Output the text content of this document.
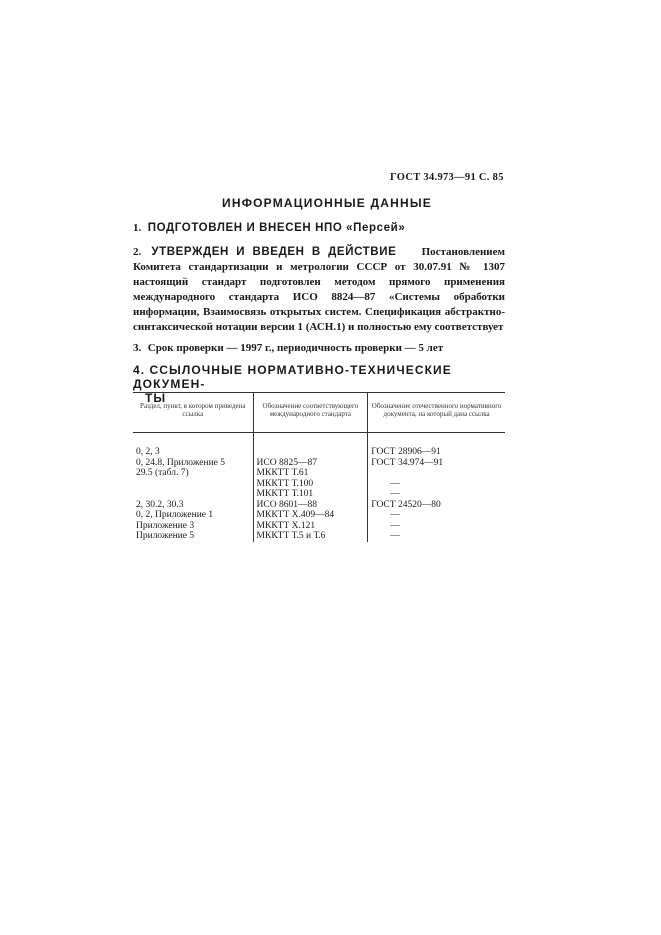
ГОСТ 34.973—91 С. 85
ИНФОРМАЦИОННЫЕ ДАННЫЕ
1. ПОДГОТОВЛЕН И ВНЕСЕН НПО «Персей»
2. УТВЕРЖДЕН И ВВЕДЕН В ДЕЙСТВИЕ Постановлением Комитета стандартизации и метрологии СССР от 30.07.91 № 1307 настоящий стандарт подготовлен методом прямого применения международного стандарта ИСО 8824—87 «Системы обработки информации, Взаимосвязь открытых систем. Спецификация абстрактно-синтаксической нотации версии 1 (АСН.1) и полностью ему соответствует
3. Срок проверки — 1997 г., периодичность проверки — 5 лет
4. ССЫЛОЧНЫЕ НОРМАТИВНО-ТЕХНИЧЕСКИЕ ДОКУМЕН-
ТЫ
Раздел, пункт, в котором приведена ссылка	Обозначение соответствующего международного стандарта	Обозначение отечественного нормативного документа, на который дана ссылка
0, 2, 3		ГОСТ 28906—91
0, 24.8, Приложение 5	ИСО 8825—87	ГОСТ 34.974—91
29.5 (табл. 7)	МККТТ Т.61	
	МККТТ Т.100	—
	МККТТ Т.101	—
2, 30.2, 30.3	ИСО 8601—88	ГОСТ 24520—80
0, 2, Приложение 1	МККТТ Х.409—84	—
Приложение 3	МККТТ Х.121	—
Приложение 5	МККТТ Т.5 и Т.6	—
